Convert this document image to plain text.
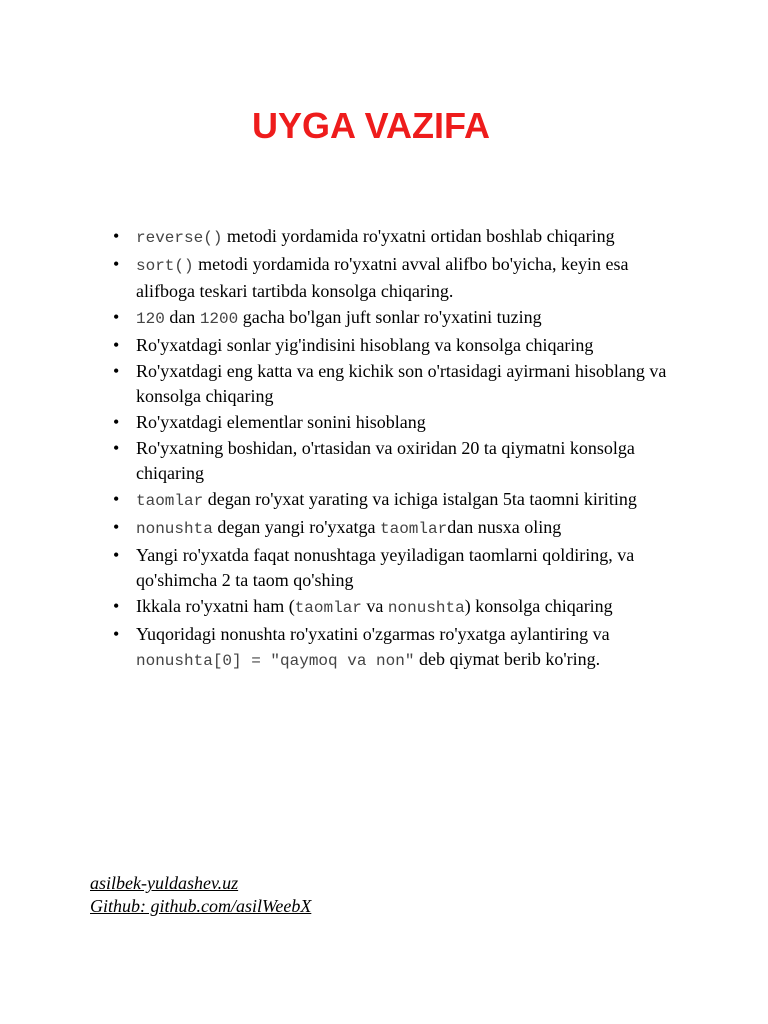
UYGA VAZIFA
• reverse() metodi yordamida ro'yxatni ortidan boshlab chiqaring
• sort() metodi yordamida ro'yxatni avval alifbo bo'yicha, keyin esa alifboga teskari tartibda konsolga chiqaring.
• 120 dan 1200 gacha bo'lgan juft sonlar ro'yxatini tuzing
• Ro'yxatdagi sonlar yig'indisini hisoblang va konsolga chiqaring
• Ro'yxatdagi eng katta va eng kichik son o'rtasidagi ayirmani hisoblang va konsolga chiqaring
• Ro'yxatdagi elementlar sonini hisoblang
• Ro'yxatning boshidan, o'rtasidan va oxiridan 20 ta qiymatni konsolga chiqaring
• taomlar degan ro'yxat yarating va ichiga istalgan 5ta taomni kiriting
• nonushta degan yangi ro'yxatga taomlardan nusxa oling
• Yangi ro'yxatda faqat nonushtaga yeyiladigan taomlarni qoldiring, va qo'shimcha 2 ta taom qo'shing
• Ikkala ro'yxatni ham (taomlar va nonushta) konsolga chiqaring
• Yuqoridagi nonushta ro'yxatini o'zgarmas ro'yxatga aylantiring va nonushta[0] = "qaymoq va non" deb qiymat berib ko'ring.
asilbek-yuldashev.uz
Github: github.com/asilWeebX
